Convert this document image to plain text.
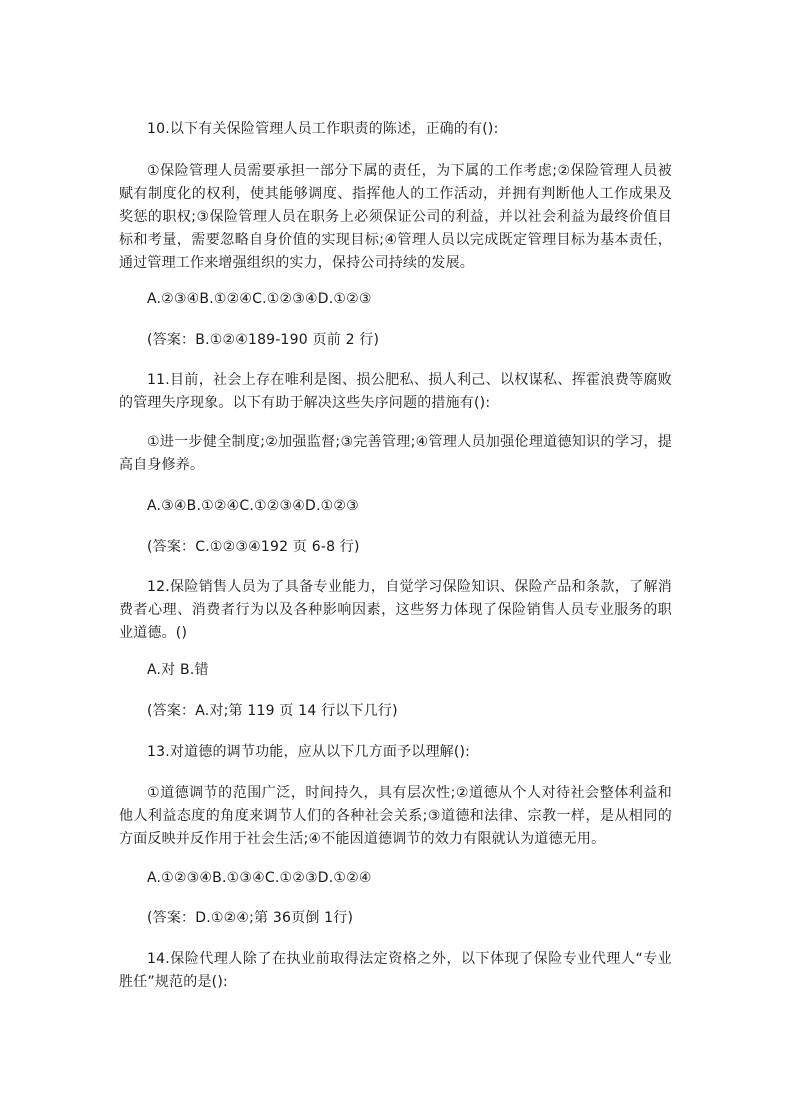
10.以下有关保险管理人员工作职责的陈述，正确的有():

①保险管理人员需要承担一部分下属的责任，为下属的工作考虑;②保险管理人员被赋有制度化的权利，使其能够调度、指挥他人的工作活动，并拥有判断他人工作成果及奖惩的职权;③保险管理人员在职务上必须保证公司的利益，并以社会利益为最终价值目标和考量，需要忽略自身价值的实现目标;④管理人员以完成既定管理目标为基本责任，通过管理工作来增强组织的实力，保持公司持续的发展。

A.②③④B.①②④C.①②③④D.①②③

(答案：B.①②④189-190 页前 2 行)

11.目前，社会上存在唯利是图、损公肥私、损人利己、以权谋私、挥霍浪费等腐败的管理失序现象。以下有助于解决这些失序问题的措施有():

①进一步健全制度;②加强监督;③完善管理;④管理人员加强伦理道德知识的学习，提高自身修养。

A.③④B.①②④C.①②③④D.①②③

(答案：C.①②③④192 页 6-8 行)

12.保险销售人员为了具备专业能力，自觉学习保险知识、保险产品和条款，了解消费者心理、消费者行为以及各种影响因素，这些努力体现了保险销售人员专业服务的职业道德。()

A.对 B.错

(答案：A.对;第 119 页 14 行以下几行)

13.对道德的调节功能，应从以下几方面予以理解():

①道德调节的范围广泛，时间持久，具有层次性;②道德从个人对待社会整体利益和他人利益态度的角度来调节人们的各种社会关系;③道德和法律、宗教一样，是从相同的方面反映并反作用于社会生活;④不能因道德调节的效力有限就认为道德无用。

A.①②③④B.①③④C.①②③D.①②④

(答案：D.①②④;第 36页倒 1行)

14.保险代理人除了在执业前取得法定资格之外，以下体现了保险专业代理人“专业胜任”规范的是():
